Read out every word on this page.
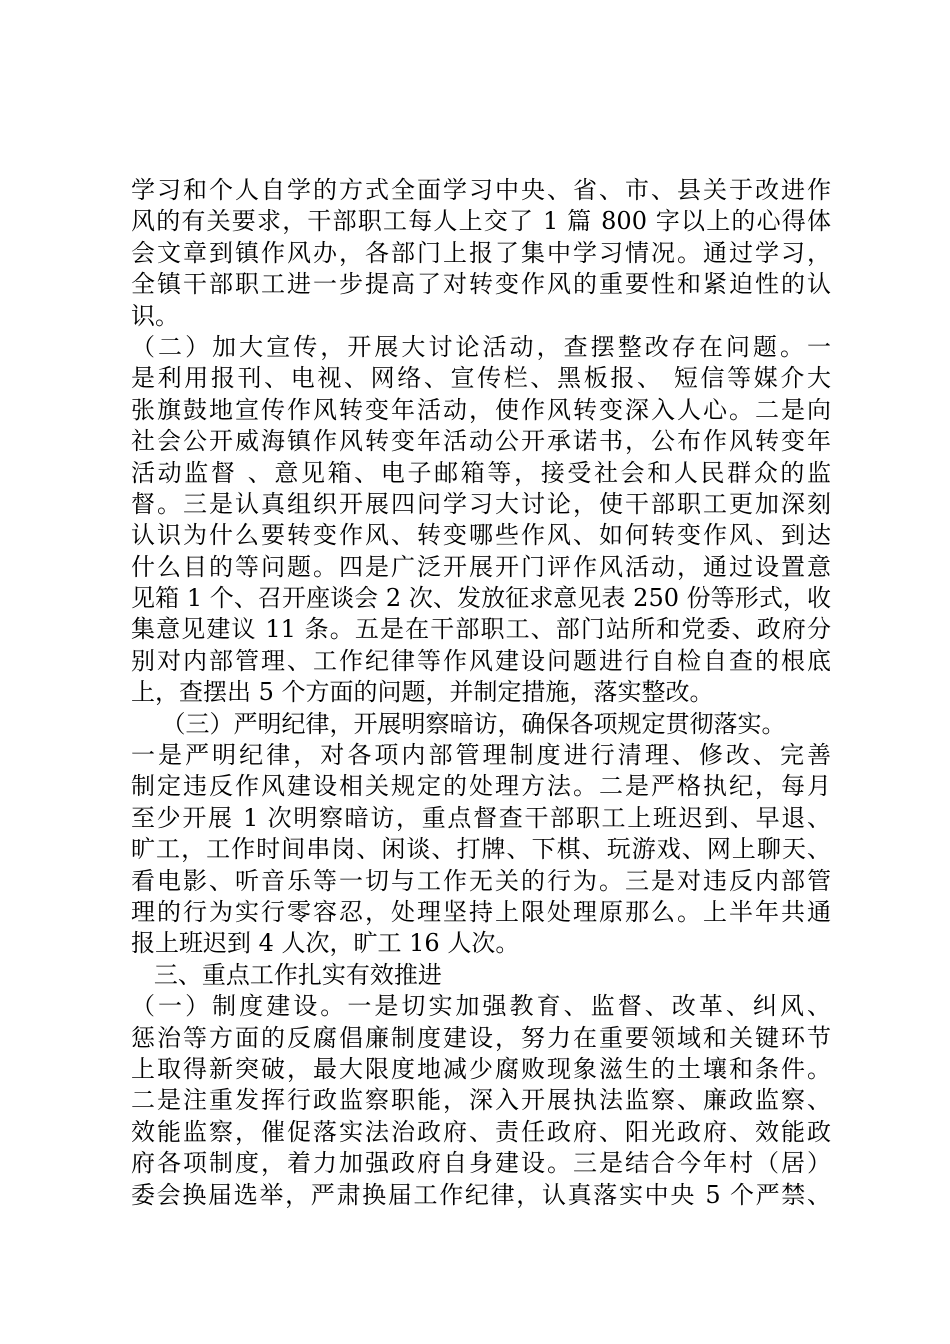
学习和个人自学的方式全面学习中央、省、市、县关于改进作
风的有关要求，干部职工每人上交了 1 篇 800 字以上的心得体
会文章到镇作风办，各部门上报了集中学习情况。通过学习，
全镇干部职工进一步提高了对转变作风的重要性和紧迫性的认
识。
（二）加大宣传，开展大讨论活动，查摆整改存在问题。一
是利用报刊、电视、网络、宣传栏、黑板报、 短信等媒介大
张旗鼓地宣传作风转变年活动，使作风转变深入人心。二是向
社会公开威海镇作风转变年活动公开承诺书，公布作风转变年
活动监督 、意见箱、电子邮箱等，接受社会和人民群众的监
督。三是认真组织开展四问学习大讨论，使干部职工更加深刻
认识为什么要转变作风、转变哪些作风、如何转变作风、到达
什么目的等问题。四是广泛开展开门评作风活动，通过设置意
见箱 1 个、召开座谈会 2 次、发放征求意见表 250 份等形式，收
集意见建议 11 条。五是在干部职工、部门站所和党委、政府分
别对内部管理、工作纪律等作风建设问题进行自检自查的根底
上，查摆出 5 个方面的问题，并制定措施，落实整改。
（三）严明纪律，开展明察暗访，确保各项规定贯彻落实。
一是严明纪律，对各项内部管理制度进行清理、修改、完善
制定违反作风建设相关规定的处理方法。二是严格执纪，每月
至少开展 1 次明察暗访，重点督查干部职工上班迟到、早退、
旷工，工作时间串岗、闲谈、打牌、下棋、玩游戏、网上聊天、
看电影、听音乐等一切与工作无关的行为。三是对违反内部管
理的行为实行零容忍，处理坚持上限处理原那么。上半年共通
报上班迟到 4 人次，旷工 16 人次。
三、重点工作扎实有效推进
（一）制度建设。一是切实加强教育、监督、改革、纠风、
惩治等方面的反腐倡廉制度建设，努力在重要领域和关键环节
上取得新突破，最大限度地减少腐败现象滋生的土壤和条件。
二是注重发挥行政监察职能，深入开展执法监察、廉政监察、
效能监察，催促落实法治政府、责任政府、阳光政府、效能政
府各项制度，着力加强政府自身建设。三是结合今年村（居）
委会换届选举，严肃换届工作纪律，认真落实中央 5 个严禁、
